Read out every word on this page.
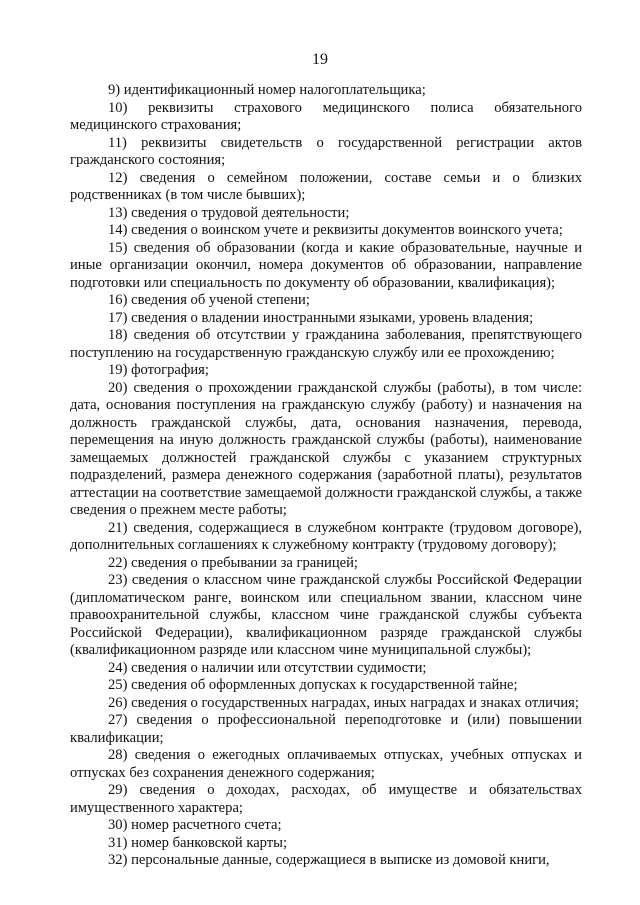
19

9) идентификационный номер налогоплательщика;

10) реквизиты страхового медицинского полиса обязательного медицинского страхования;

11) реквизиты свидетельств о государственной регистрации актов гражданского состояния;

12) сведения о семейном положении, составе семьи и о близких родственниках (в том числе бывших);

13) сведения о трудовой деятельности;

14) сведения о воинском учете и реквизиты документов воинского учета;

15) сведения об образовании (когда и какие образовательные, научные и иные организации окончил, номера документов об образовании, направление подготовки или специальность по документу об образовании, квалификация);

16) сведения об ученой степени;

17) сведения о владении иностранными языками, уровень владения;

18) сведения об отсутствии у гражданина заболевания, препятствующего поступлению на государственную гражданскую службу или ее прохождению;

19) фотография;

20) сведения о прохождении гражданской службы (работы), в том числе: дата, основания поступления на гражданскую службу (работу) и назначения на должность гражданской службы, дата, основания назначения, перевода, перемещения на иную должность гражданской службы (работы), наименование замещаемых должностей гражданской службы с указанием структурных подразделений, размера денежного содержания (заработной платы), результатов аттестации на соответствие замещаемой должности гражданской службы, а также сведения о прежнем месте работы;

21) сведения, содержащиеся в служебном контракте (трудовом договоре), дополнительных соглашениях к служебному контракту (трудовому договору);

22) сведения о пребывании за границей;

23) сведения о классном чине гражданской службы Российской Федерации (дипломатическом ранге, воинском или специальном звании, классном чине правоохранительной службы, классном чине гражданской службы субъекта Российской Федерации), квалификационном разряде гражданской службы (квалификационном разряде или классном чине муниципальной службы);

24) сведения о наличии или отсутствии судимости;

25) сведения об оформленных допусках к государственной тайне;

26) сведения о государственных наградах, иных наградах и знаках отличия;

27) сведения о профессиональной переподготовке и (или) повышении квалификации;

28) сведения о ежегодных оплачиваемых отпусках, учебных отпусках и отпусках без сохранения денежного содержания;

29) сведения о доходах, расходах, об имуществе и обязательствах имущественного характера;

30) номер расчетного счета;

31) номер банковской карты;

32) персональные данные, содержащиеся в выписке из домовой книги,
